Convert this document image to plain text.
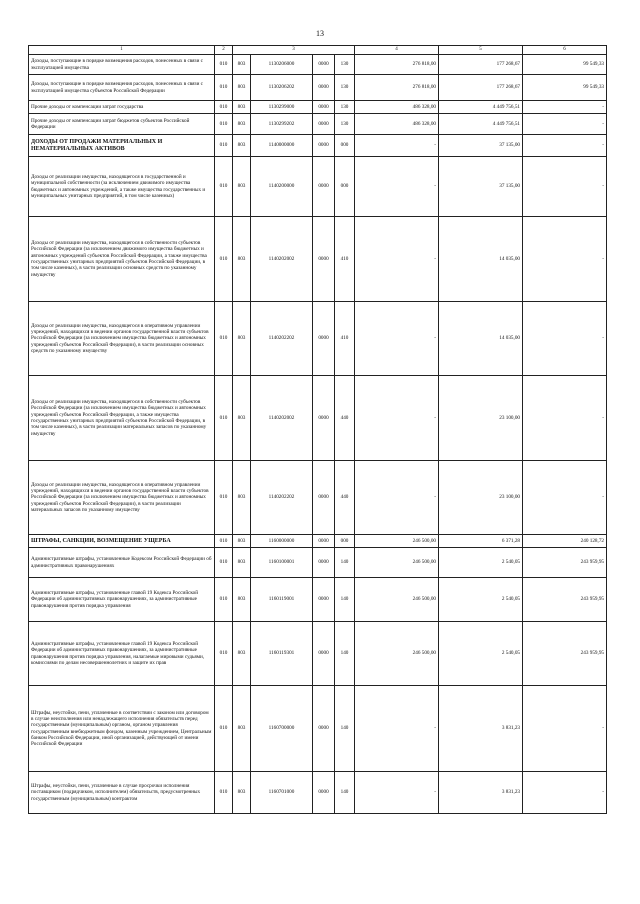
13
1	2	3				4	5	6
Доходы, поступающие в порядке возмещения расходов, понесенных в связи с эксплуатацией имущества	010	803	1130206000	0000	130	276 818,00	177 268,67	99 549,33
Доходы, поступающие в порядке возмещения расходов, понесенных в связи с эксплуатацией имущества субъектов Российской Федерации	010	803	1130206202	0000	130	276 818,00	177 268,67	99 549,33
Прочие доходы от компенсации затрат государства	010	803	1130299000	0000	130	486 328,00	4 449 756,51	-
Прочие доходы от компенсации затрат бюджетов субъектов Российской Федерации	010	803	1130299202	0000	130	486 328,00	4 449 756,51	-
ДОХОДЫ ОТ ПРОДАЖИ МАТЕРИАЛЬНЫХ И НЕМАТЕРИАЛЬНЫХ АКТИВОВ	010	803	1140000000	0000	000	-	37 135,00	-
Доходы от реализации имущества, находящегося в государственной и муниципальной собственности (за исключением движимого имущества бюджетных и автономных учреждений, а также имущества государственных и муниципальных унитарных предприятий, в том числе казенных)	010	803	1140200000	0000	000	-	37 135,00	-
Доходы от реализации имущества, находящегося в собственности субъектов Российской Федерации (за исключением движимого имущества бюджетных и автономных учреждений субъектов Российской Федерации, а также имущества государственных унитарных предприятий субъектов Российской Федерации, в том числе казенных), в части реализации основных средств по указанному имуществу	010	803	1140202002	0000	410	-	14 035,00	-
Доходы от реализации имущества, находящегося в оперативном управлении учреждений, находящихся в ведении органов государственной власти субъектов Российской Федерации (за исключением имущества бюджетных и автономных учреждений субъектов Российской Федерации), в части реализации основных средств по указанному имуществу	010	803	1140202202	0000	410	-	14 035,00	-
Доходы от реализации имущества, находящегося в собственности субъектов Российской Федерации (за исключением имущества бюджетных и автономных учреждений субъектов Российской Федерации, а также имущества государственных унитарных предприятий субъектов Российской Федерации, в том числе казенных), в части реализации материальных запасов по указанному имуществу	010	803	1140202002	0000	440	-	23 100,00	-
Доходы от реализации имущества, находящегося в оперативном управлении учреждений, находящихся в ведении органов государственной власти субъектов Российской Федерации (за исключением имущества бюджетных и автономных учреждений субъектов Российской Федерации), в части реализации материальных запасов по указанному имуществу	010	803	1140202202	0000	440	-	23 100,00	-
ШТРАФЫ, САНКЦИИ, ВОЗМЕЩЕНИЕ УЩЕРБА	010	803	1160000000	0000	000	246 500,00	6 371,28	240 128,72
Административные штрафы, установленные Кодексом Российской Федерации об административных правонарушениях	010	803	1160100001	0000	140	246 500,00	2 540,05	243 959,95
Административные штрафы, установленные главой 19 Кодекса Российской Федерации об административных правонарушениях, за административные правонарушения против порядка управления	010	803	1160119001	0000	140	246 500,00	2 540,05	243 959,95
Административные штрафы, установленные главой 19 Кодекса Российской Федерации об административных правонарушениях, за административные правонарушения против порядка управления, налагаемые мировыми судьями, комиссиями по делам несовершеннолетних и защите их прав	010	803	1160119301	0000	140	246 500,00	2 540,05	243 959,95
Штрафы, неустойки, пени, уплаченные в соответствии с законом или договором в случае неисполнения или ненадлежащего исполнения обязательств перед государственным (муниципальным) органом, органом управления государственным внебюджетным фондом, казенным учреждением, Центральным банком Российской Федерации, иной организацией, действующей от имени Российской Федерации	010	803	1160700000	0000	140	-	3 831,23	-
Штрафы, неустойки, пени, уплаченные в случае просрочки исполнения поставщиком (подрядчиком, исполнителем) обязательств, предусмотренных государственным (муниципальным) контрактом	010	803	1160701000	0000	140	-	3 831,23	-
